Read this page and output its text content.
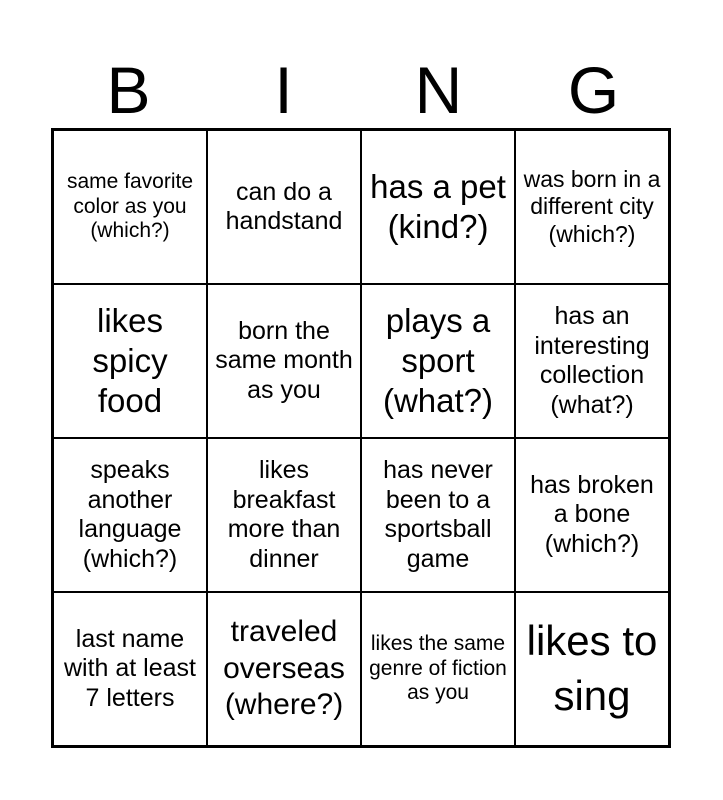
B	I	N	G
same favorite color as you (which?)
can do a handstand
has a pet (kind?)
was born in a different city (which?)
likes spicy food
born the same month as you
plays a sport (what?)
has an interesting collection (what?)
speaks another language (which?)
likes breakfast more than dinner
has never been to a sportsball game
has broken a bone (which?)
last name with at least 7 letters
traveled overseas (where?)
likes the same genre of fiction as you
likes to sing
